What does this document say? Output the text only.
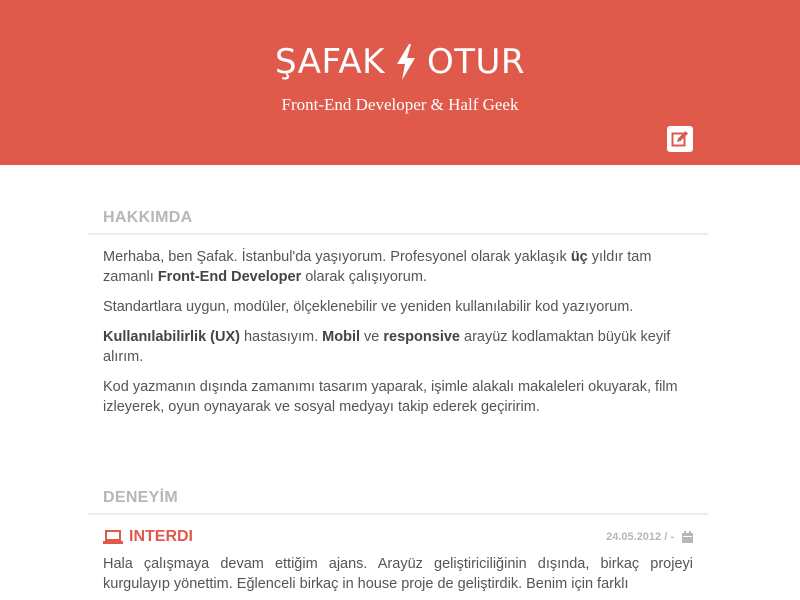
ŞAFAK OTUR
Front-End Developer & Half Geek
HAKKIMDA

Merhaba, ben Şafak. İstanbul'da yaşıyorum. Profesyonel olarak yaklaşık üç yıldır tam zamanlı Front-End Developer olarak çalışıyorum.

Standartlara uygun, modüler, ölçeklenebilir ve yeniden kullanılabilir kod yazıyorum.

Kullanılabilirlik (UX) hastasıyım. Mobil ve responsive arayüz kodlamaktan büyük keyif alırım.

Kod yazmanın dışında zamanımı tasarım yaparak, işimle alakalı makaleleri okuyarak, film izleyerek, oyun oynayarak ve sosyal medyayı takip ederek geçiririm.

DENEYİM
INTERDI	24.05.2012 / -

Hala çalışmaya devam ettiğim ajans. Arayüz geliştiriciliğinin dışında, birkaç projeyi kurgulayıp yönettim. Eğlenceli birkaç in house proje de geliştirdik. Benim için farklı
